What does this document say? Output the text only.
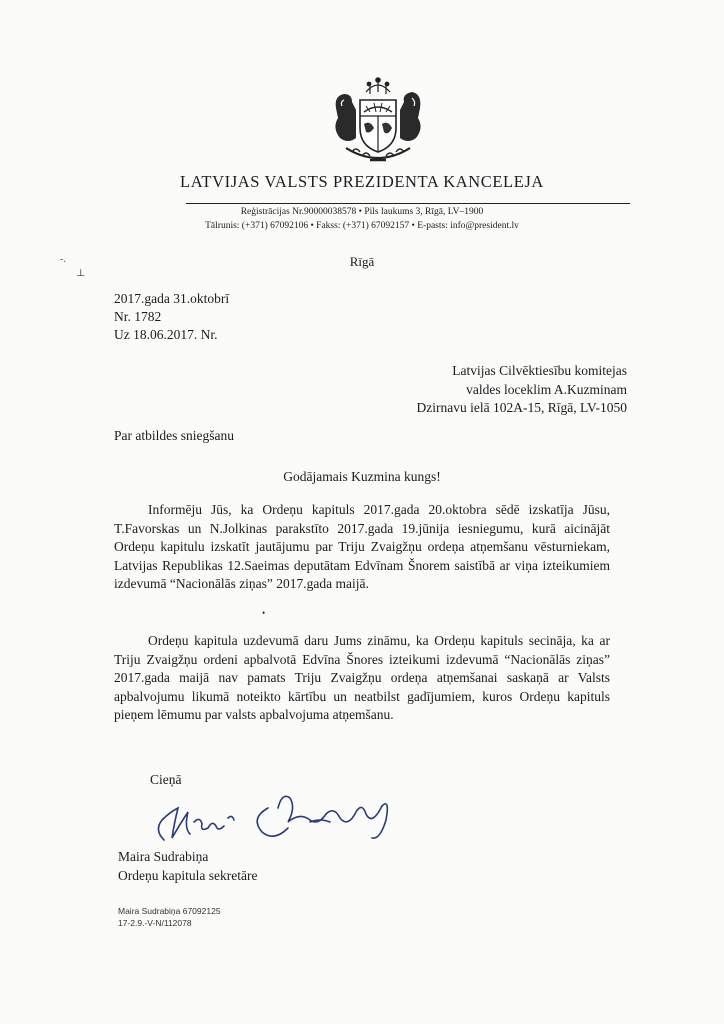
LATVIJAS VALSTS PREZIDENTA KANCELEJA
Reģistrācijas Nr.90000038578 • Pils laukums 3, Rīgā, LV–1900
Tālrunis: (+371) 67092106 • Fakss: (+371) 67092157 • E-pasts: info@president.lv
-.
⊥
Rīgā
2017.gada 31.oktobrī
Nr. 1782
Uz 18.06.2017. Nr.
Latvijas Cilvēktiesību komitejas
valdes loceklim A.Kuzminam
Dzirnavu ielā 102A-15, Rīgā, LV-1050
Par atbildes sniegšanu
Godājamais Kuzmina kungs!
Informēju Jūs, ka Ordeņu kapituls 2017.gada 20.oktobra sēdē izskatīja Jūsu, T.Favorskas un N.Jolkinas parakstīto 2017.gada 19.jūnija iesniegumu, kurā aicinājāt Ordeņu kapitulu izskatīt jautājumu par Triju Zvaigžņu ordeņa atņemšanu vēsturniekam, Latvijas Republikas 12.Saeimas deputātam Edvīnam Šnorem saistībā ar viņa izteikumiem izdevumā “Nacionālās ziņas” 2017.gada maijā.
•
Ordeņu kapitula uzdevumā daru Jums zināmu, ka Ordeņu kapituls secināja, ka ar Triju Zvaigžņu ordeni apbalvotā Edvīna Šnores izteikumi izdevumā “Nacionālās ziņas” 2017.gada maijā nav pamats Triju Zvaigžņu ordeņa atņemšanai saskaņā ar Valsts apbalvojumu likumā noteikto kārtību un neatbilst gadījumiem, kuros Ordeņu kapituls pieņem lēmumu par valsts apbalvojuma atņemšanu.
Cieņā
Maira Sudrabiņa
Ordeņu kapitula sekretāre
Maira Sudrabiņa 67092125
17-2.9.-V-N/112078
